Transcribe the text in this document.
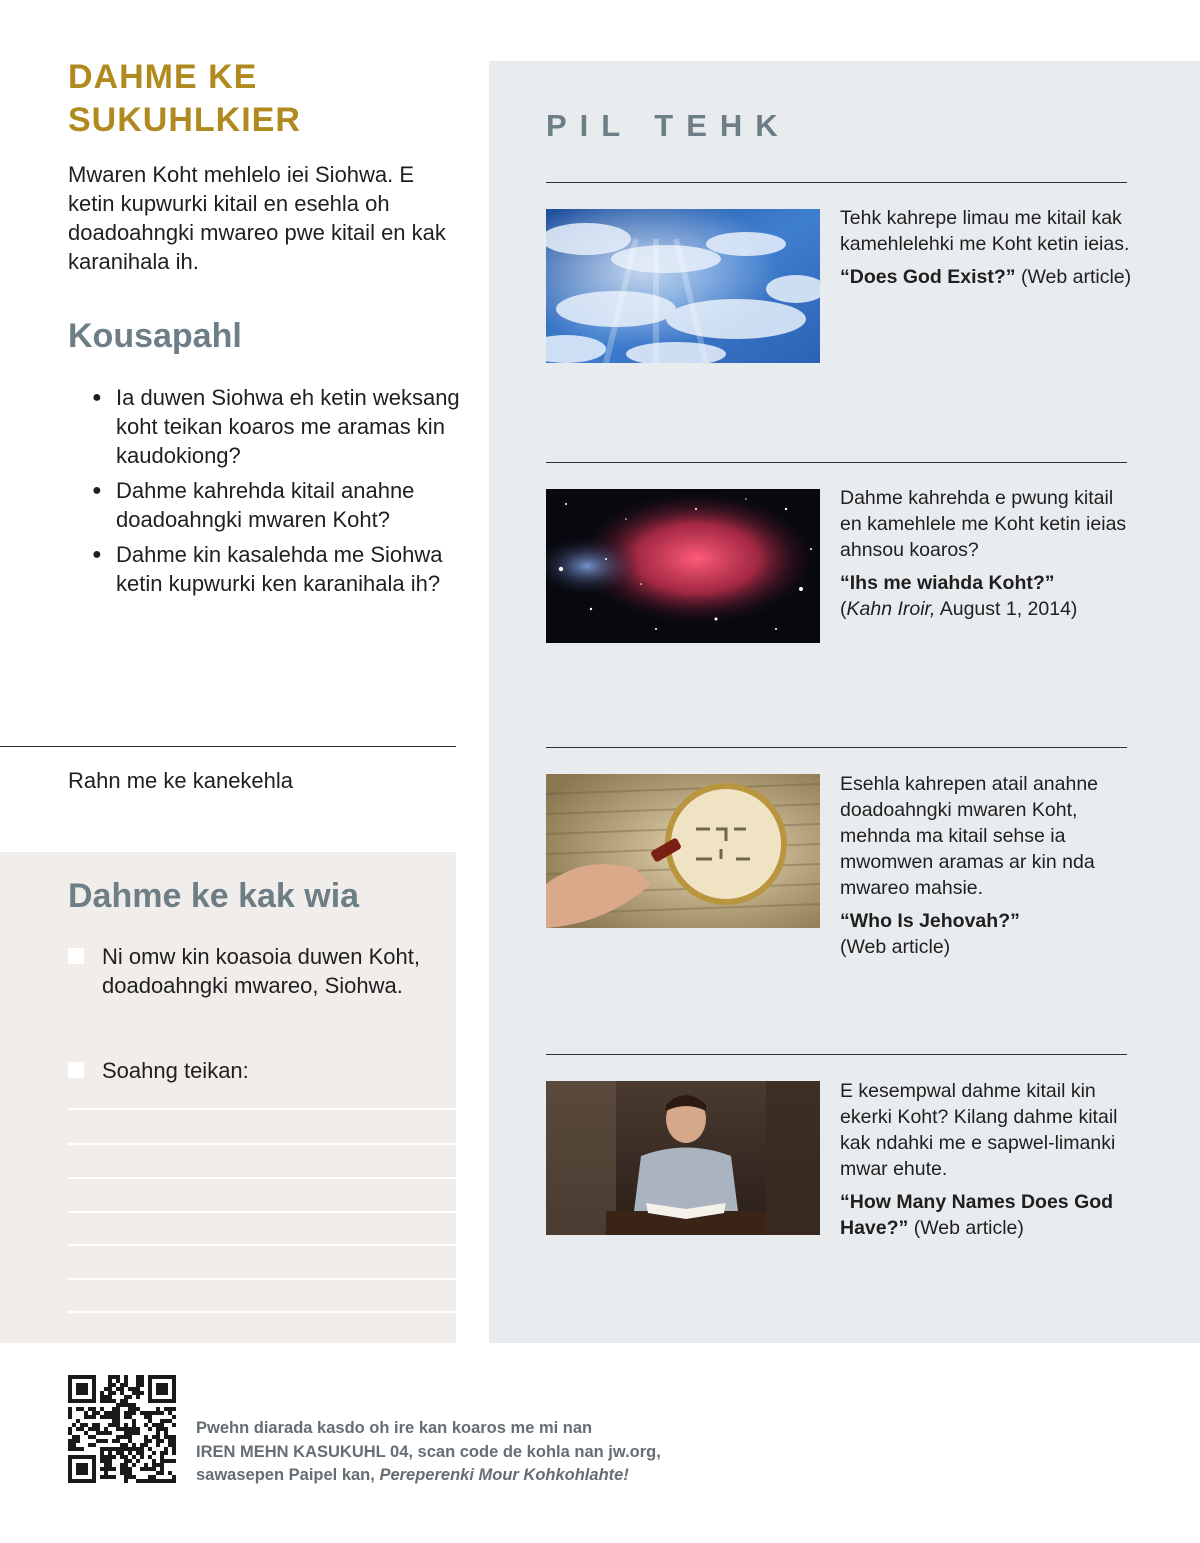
DAHME KE SUKUHLKIER

Mwaren Koht mehlelo iei Siohwa. E ketin kupwurki kitail en esehla oh doadoahngki mwareo pwe kitail en kak karanihala ih.

Kousapahl
● Ia duwen Siohwa eh ketin weksang koht teikan koaros me aramas kin kaudokiong?
● Dahme kahrehda kitail anahne doadoahngki mwaren Koht?
● Dahme kin kasalehda me Siohwa ketin kupwurki ken karanihala ih?
Rahn me ke kanekehla
Dahme ke kak wia
Ni omw kin koasoia duwen Koht, doadoahngki mwareo, Siohwa.
Soahng teikan:
PIL TEHK
Tehk kahrepe limau me kitail kak kamehlelehki me Koht ketin ieias.
“Does God Exist?” (Web article)
Dahme kahrehda e pwung kitail en kamehlele me Koht ketin ieias ahnsou koaros?
“Ihs me wiahda Koht?”
(Kahn Iroir, August 1, 2014)
Esehla kahrepen atail anahne doadoahngki mwaren Koht, mehnda ma kitail sehse ia mwomwen aramas ar kin nda mwareo mahsie.
“Who Is Jehovah?”
(Web article)
E kesempwal dahme kitail kin ekerki Koht? Kilang dahme kitail kak ndahki me e sapwel-limanki mwar ehute.
“How Many Names Does God Have?” (Web article)
Pwehn diarada kasdo oh ire kan koaros me mi nan
IREN MEHN KASUKUHL 04, scan code de kohla nan jw.org,
sawasepen Paipel kan, Pereperenki Mour Kohkohlahte!
